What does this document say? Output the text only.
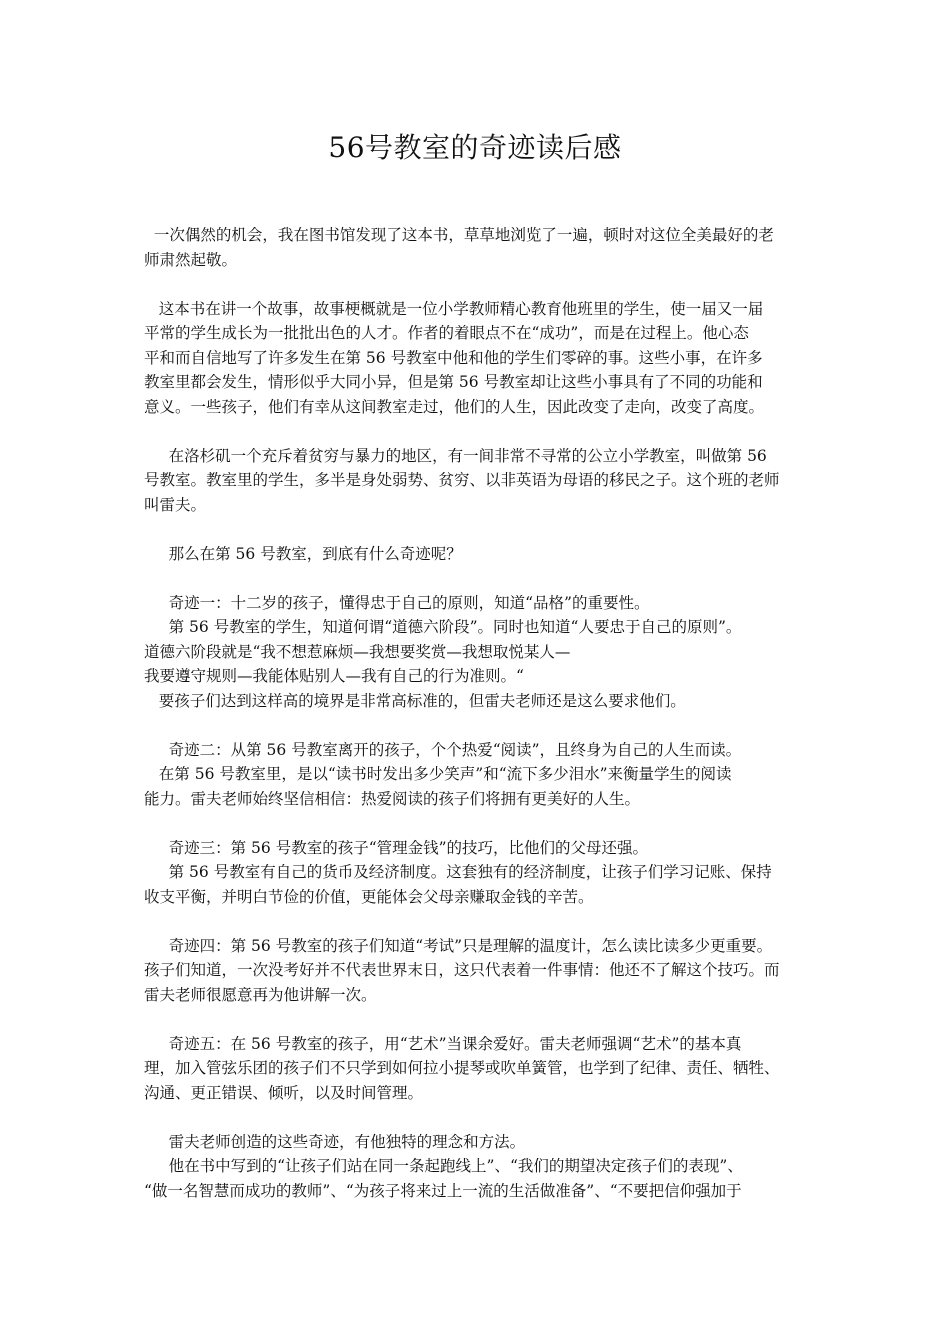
56号教室的奇迹读后感
一次偶然的机会，我在图书馆发现了这本书，草草地浏览了一遍，顿时对这位全美最好的老
师肃然起敬。
这本书在讲一个故事，故事梗概就是一位小学教师精心教育他班里的学生，使一届又一届
平常的学生成长为一批批出色的人才。作者的着眼点不在“成功”，而是在过程上。他心态
平和而自信地写了许多发生在第 56 号教室中他和他的学生们零碎的事。这些小事，在许多
教室里都会发生，情形似乎大同小异，但是第 56 号教室却让这些小事具有了不同的功能和
意义。一些孩子，他们有幸从这间教室走过，他们的人生，因此改变了走向，改变了高度。
在洛杉矶一个充斥着贫穷与暴力的地区，有一间非常不寻常的公立小学教室，叫做第 56
号教室。教室里的学生，多半是身处弱势、贫穷、以非英语为母语的移民之子。这个班的老师
叫雷夫。
那么在第 56 号教室，到底有什么奇迹呢？
奇迹一：十二岁的孩子，懂得忠于自己的原则，知道“品格”的重要性。
第 56 号教室的学生，知道何谓“道德六阶段”。同时也知道“人要忠于自己的原则”。
道德六阶段就是“我不想惹麻烦—我想要奖赏—我想取悦某人—
我要遵守规则—我能体贴别人—我有自己的行为准则。“
要孩子们达到这样高的境界是非常高标准的，但雷夫老师还是这么要求他们。
奇迹二：从第 56 号教室离开的孩子，个个热爱“阅读”，且终身为自己的人生而读。
在第 56 号教室里，是以“读书时发出多少笑声”和“流下多少泪水”来衡量学生的阅读
能力。雷夫老师始终坚信相信：热爱阅读的孩子们将拥有更美好的人生。
奇迹三：第 56 号教室的孩子“管理金钱”的技巧，比他们的父母还强。
第 56 号教室有自己的货币及经济制度。这套独有的经济制度，让孩子们学习记账、保持
收支平衡，并明白节俭的价值，更能体会父母亲赚取金钱的辛苦。
奇迹四：第 56 号教室的孩子们知道“考试”只是理解的温度计，怎么读比读多少更重要。
孩子们知道，一次没考好并不代表世界末日，这只代表着一件事情：他还不了解这个技巧。而
雷夫老师很愿意再为他讲解一次。
奇迹五：在 56 号教室的孩子，用“艺术”当课余爱好。雷夫老师强调“艺术”的基本真
理，加入管弦乐团的孩子们不只学到如何拉小提琴或吹单簧管，也学到了纪律、责任、牺牲、
沟通、更正错误、倾听，以及时间管理。
雷夫老师创造的这些奇迹，有他独特的理念和方法。
他在书中写到的“让孩子们站在同一条起跑线上”、“我们的期望决定孩子们的表现”、
“做一名智慧而成功的教师”、“为孩子将来过上一流的生活做准备”、“不要把信仰强加于
